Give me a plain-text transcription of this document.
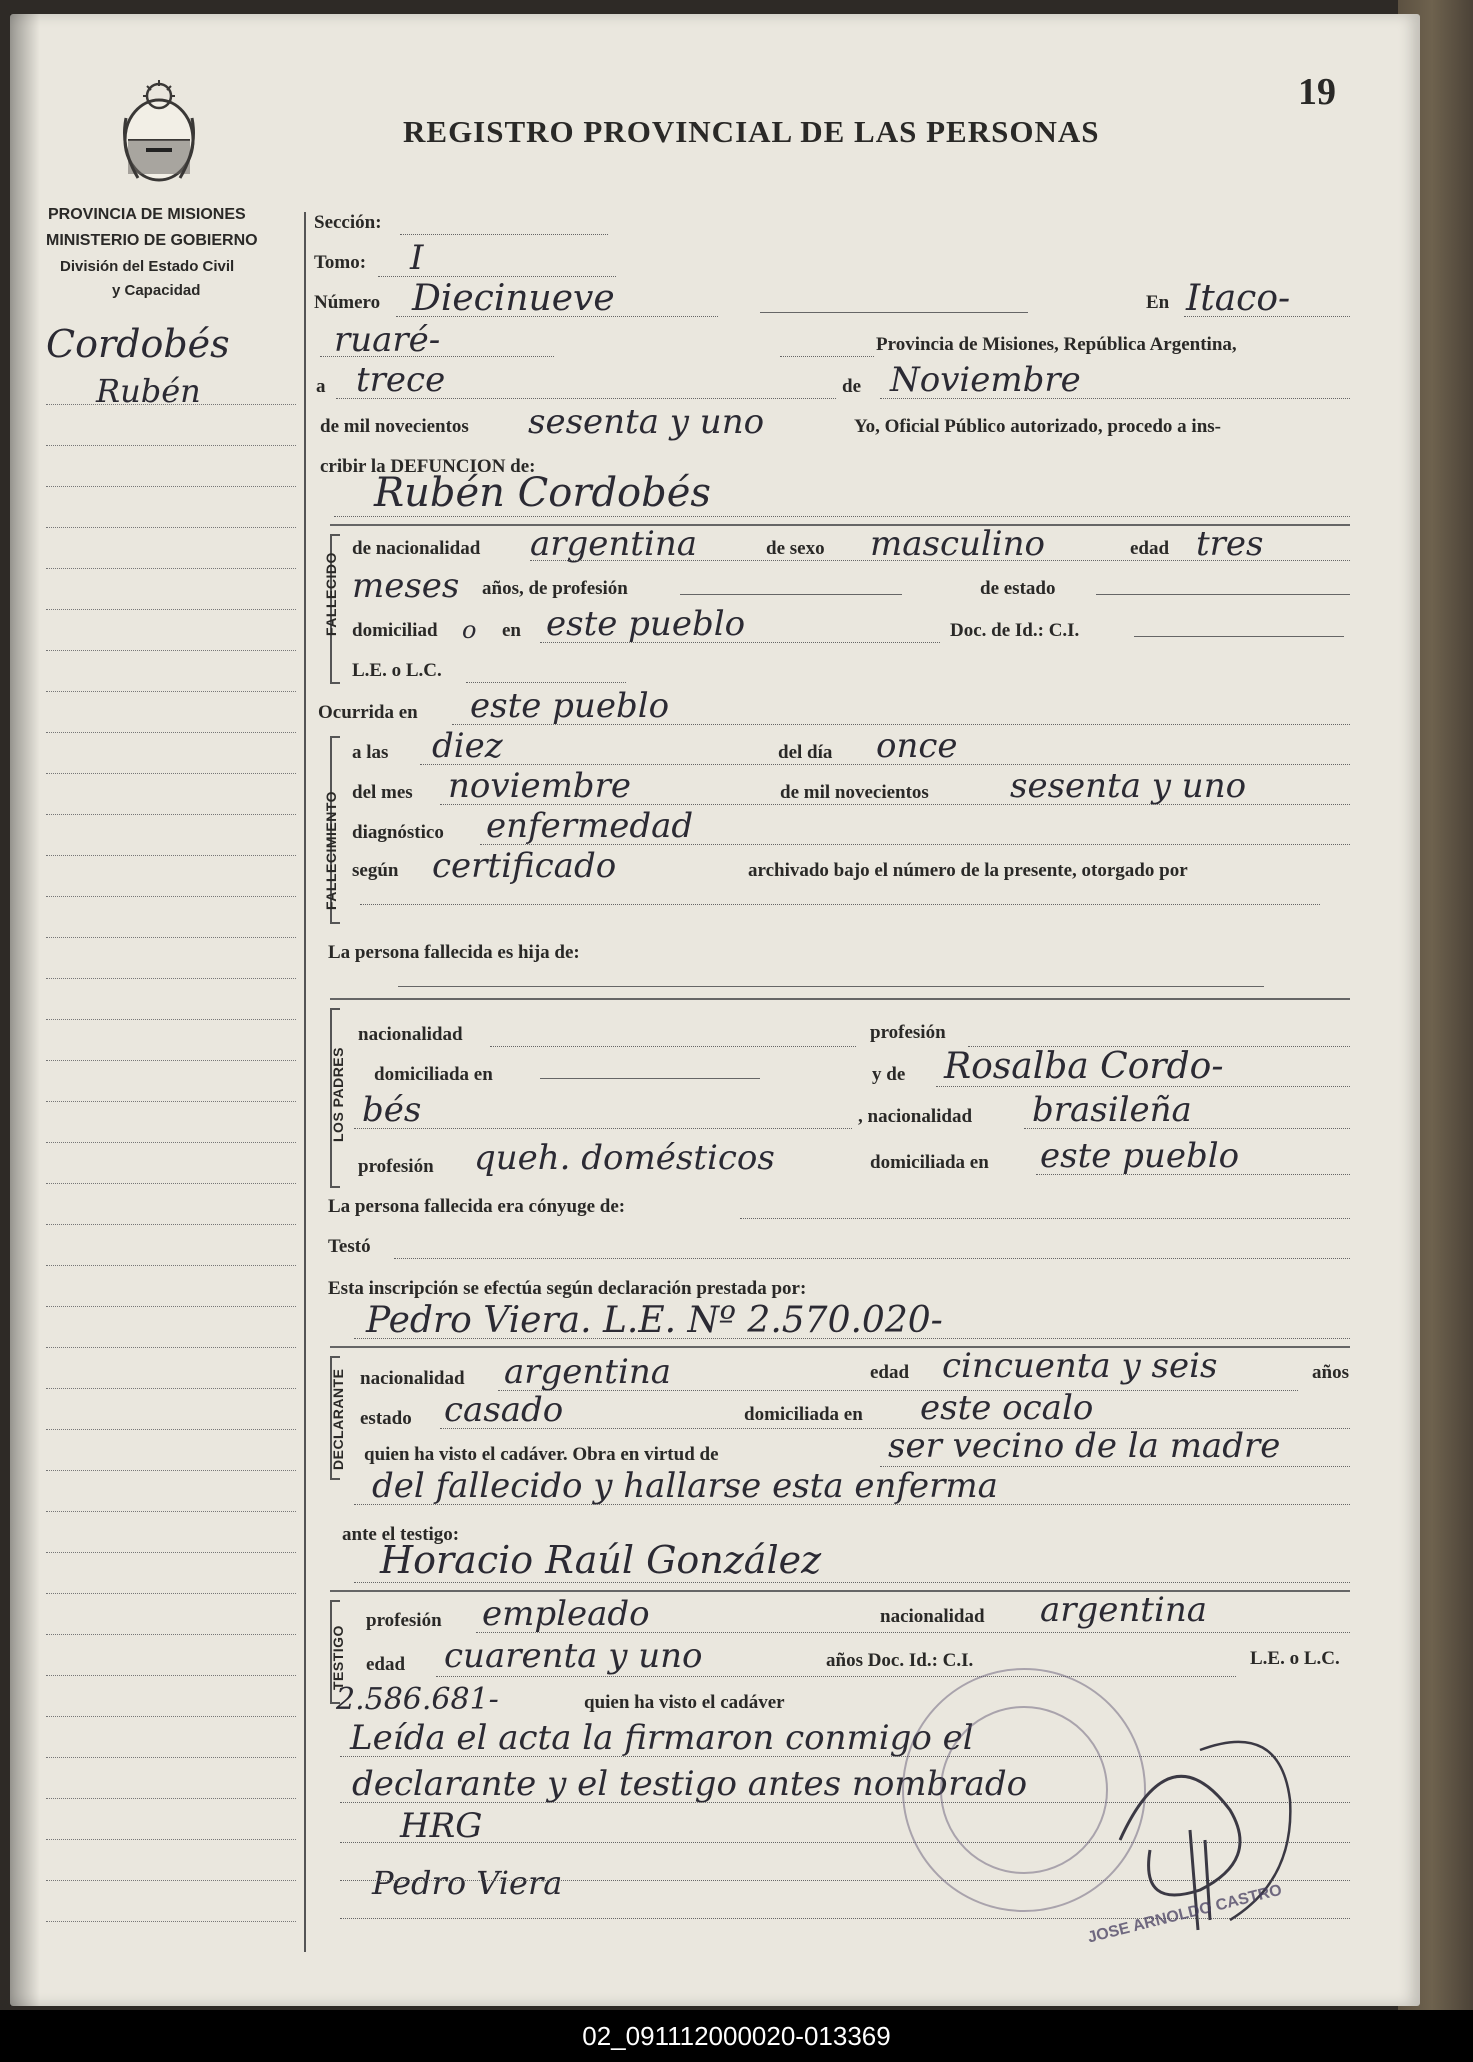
19
REGISTRO PROVINCIAL DE LAS PERSONAS
PROVINCIA DE MISIONES
MINISTERIO DE GOBIERNO
División del Estado Civil
y Capacidad
Cordobés
Rubén
Sección:
Tomo: I
Número Diecinueve	En Itaco-
ruaré-	Provincia de Misiones, República Argentina,
a trece	de Noviembre
de mil novecientos sesenta y uno	Yo, Oficial Público autorizado, procedo a ins-
cribir la DEFUNCION de:
Rubén Cordobés
FALLECIDO
de nacionalidad argentina	de sexo masculino	edad tres
meses años, de profesión	de estado
domiciliad o en este pueblo	Doc. de Id.: C.I.
L.E. o L.C.
Ocurrida en este pueblo
FALLECIMIENTO
a las diez	del día once
del mes noviembre	de mil novecientos sesenta y uno
diagnóstico enfermedad
según certificado	archivado bajo el número de la presente, otorgado por
La persona fallecida es hija de:
LOS PADRES
nacionalidad	profesión
domiciliada en	y de Rosalba Cordo-
bés	, nacionalidad brasileña
profesión queh. domésticos	domiciliada en este pueblo
La persona fallecida era cónyuge de:
Testó
Esta inscripción se efectúa según declaración prestada por:
Pedro Viera. L.E. Nº 2.570.020-
DECLARANTE nacionalidad argentina	edad cincuenta y seis	años
estado casado	domiciliada en este ocalo
quien ha visto el cadáver. Obra en virtud de	ser vecino de la madre
del fallecido y hallarse esta enferma
ante el testigo:
Horacio Raúl González
TESTIGO
profesión empleado	nacionalidad argentina
edad cuarenta y uno	años Doc. Id.: C.I.	L.E. o L.C.
2.586.681-	quien ha visto el cadáver
Leída el acta la firmaron conmigo el
declarante y el testigo antes nombrado
HRG
Pedro Viera	JOSE ARNOLDO CASTRO
02_091112000020-013369
